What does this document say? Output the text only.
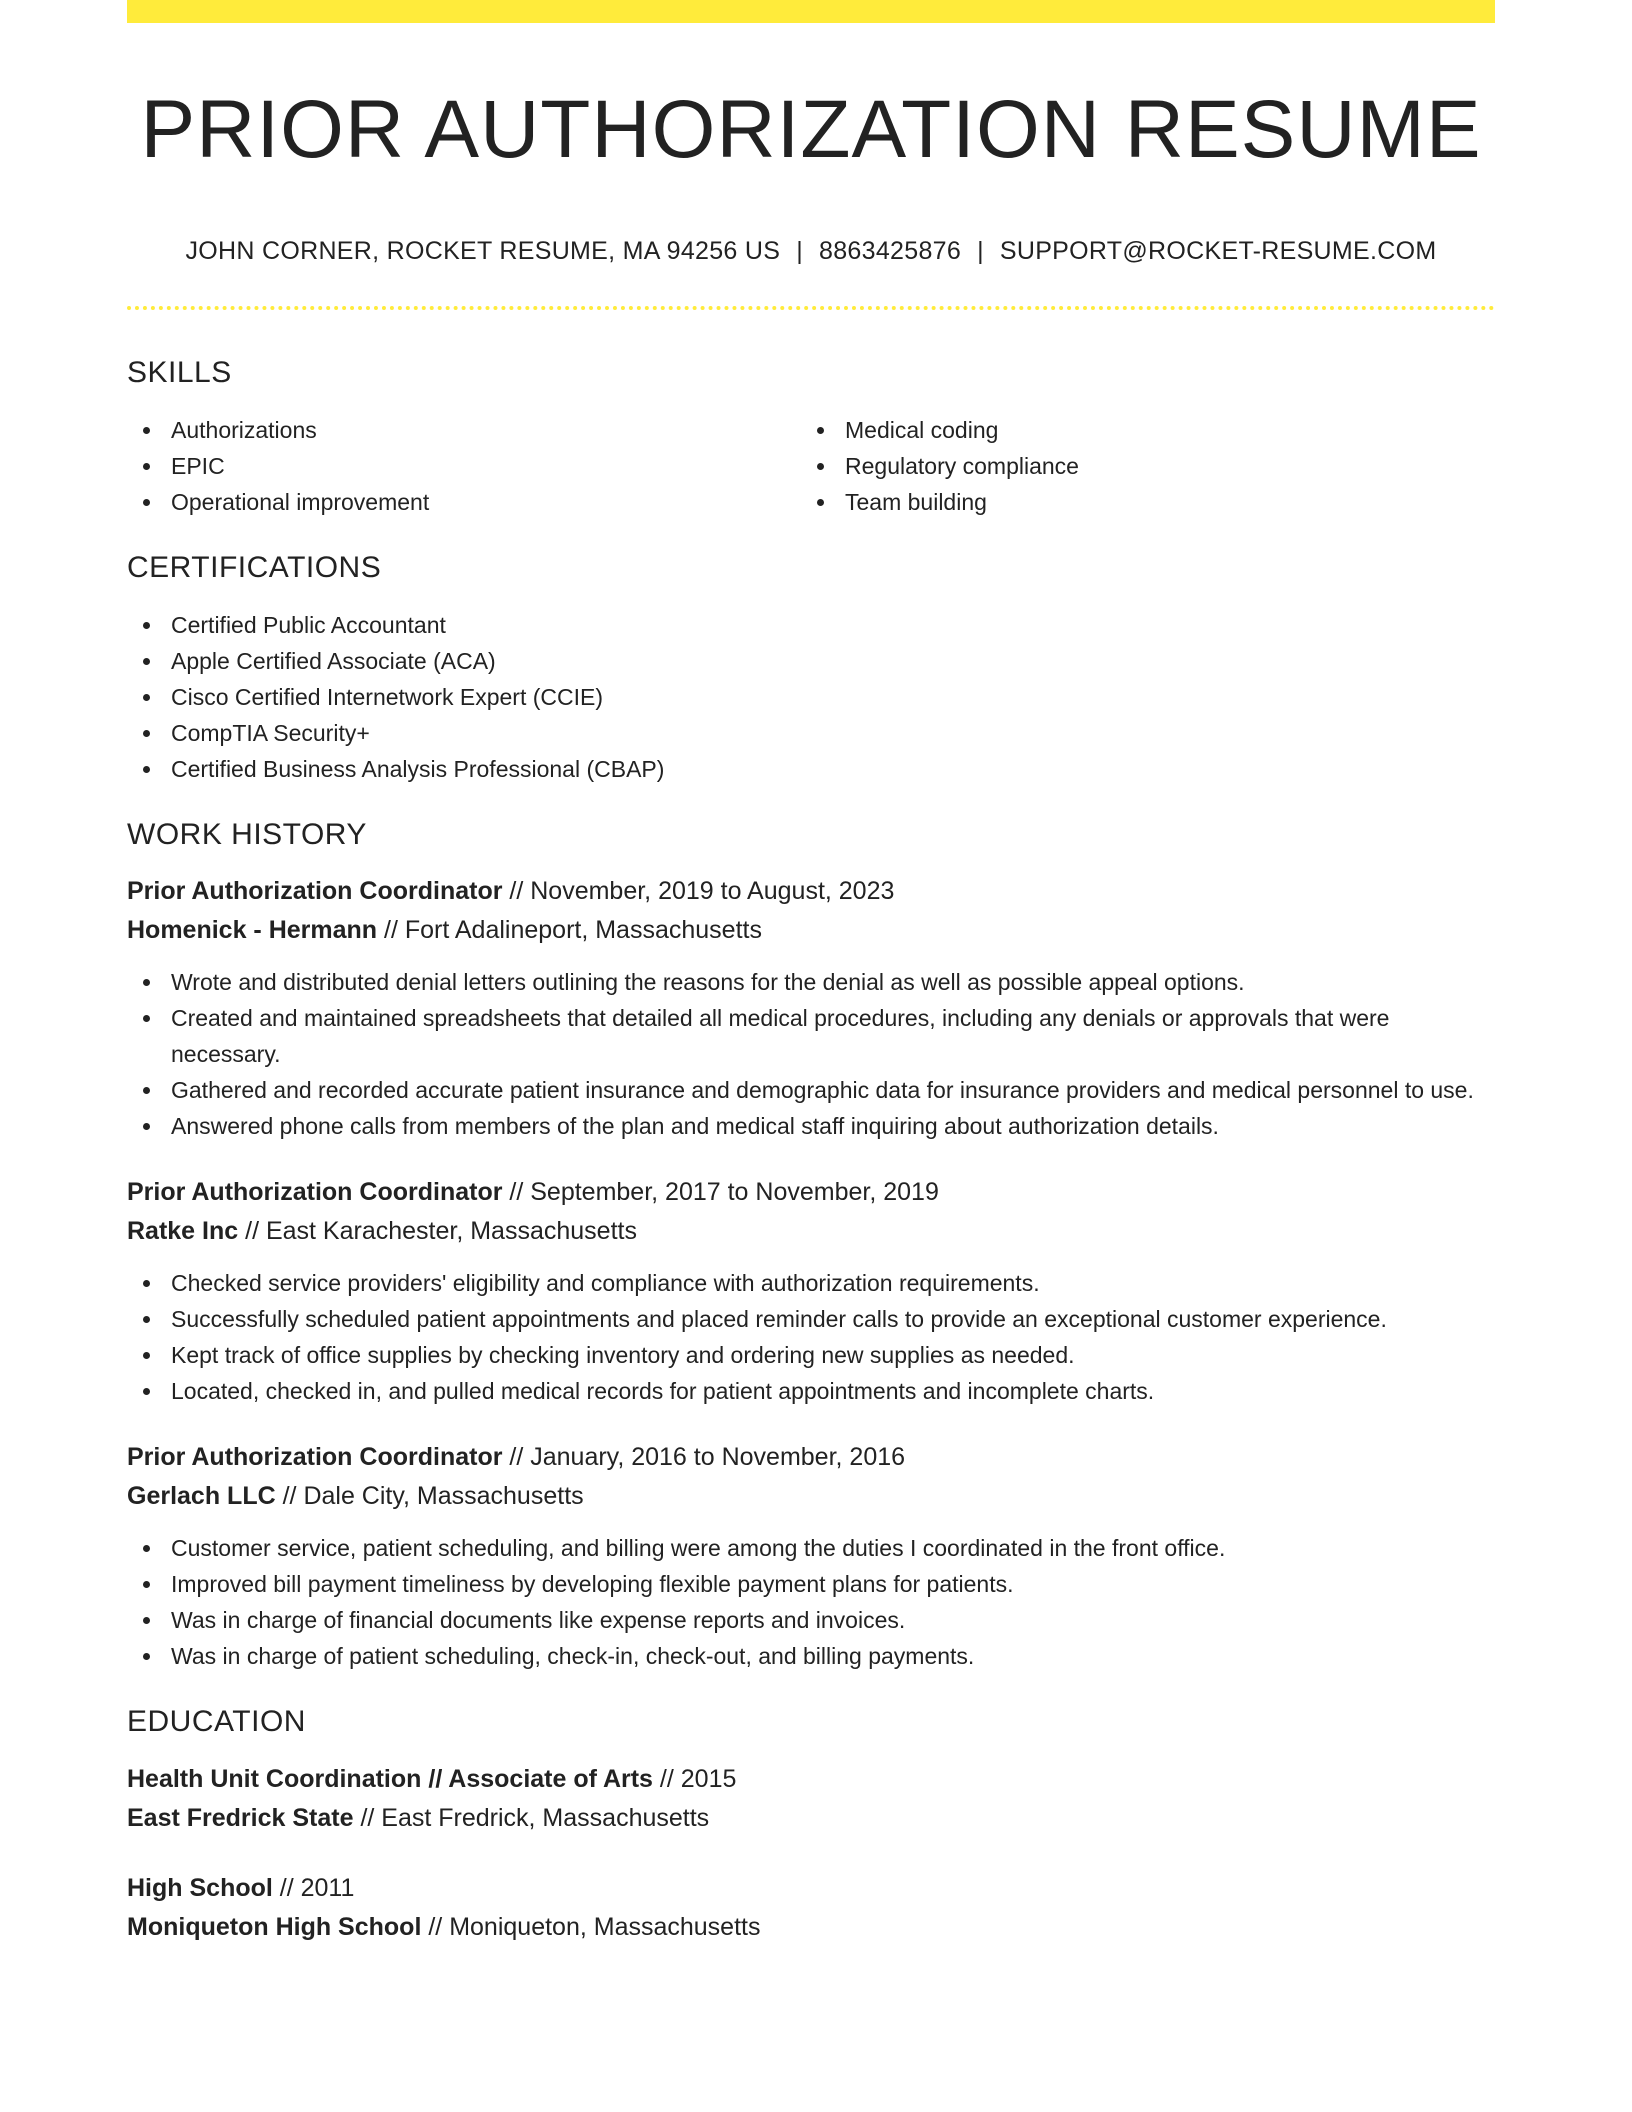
PRIOR AUTHORIZATION RESUME
JOHN CORNER, ROCKET RESUME, MA 94256 US | 8863425876 | SUPPORT@ROCKET-RESUME.COM
SKILLS
Authorizations
EPIC
Operational improvement
Medical coding
Regulatory compliance
Team building
CERTIFICATIONS
Certified Public Accountant
Apple Certified Associate (ACA)
Cisco Certified Internetwork Expert (CCIE)
CompTIA Security+
Certified Business Analysis Professional (CBAP)
WORK HISTORY
Prior Authorization Coordinator // November, 2019 to August, 2023
Homenick - Hermann // Fort Adalineport, Massachusetts
Wrote and distributed denial letters outlining the reasons for the denial as well as possible appeal options.
Created and maintained spreadsheets that detailed all medical procedures, including any denials or approvals that were necessary.
Gathered and recorded accurate patient insurance and demographic data for insurance providers and medical personnel to use.
Answered phone calls from members of the plan and medical staff inquiring about authorization details.
Prior Authorization Coordinator // September, 2017 to November, 2019
Ratke Inc // East Karachester, Massachusetts
Checked service providers' eligibility and compliance with authorization requirements.
Successfully scheduled patient appointments and placed reminder calls to provide an exceptional customer experience.
Kept track of office supplies by checking inventory and ordering new supplies as needed.
Located, checked in, and pulled medical records for patient appointments and incomplete charts.
Prior Authorization Coordinator // January, 2016 to November, 2016
Gerlach LLC // Dale City, Massachusetts
Customer service, patient scheduling, and billing were among the duties I coordinated in the front office.
Improved bill payment timeliness by developing flexible payment plans for patients.
Was in charge of financial documents like expense reports and invoices.
Was in charge of patient scheduling, check-in, check-out, and billing payments.
EDUCATION
Health Unit Coordination // Associate of Arts // 2015
East Fredrick State // East Fredrick, Massachusetts
High School // 2011
Moniqueton High School // Moniqueton, Massachusetts
